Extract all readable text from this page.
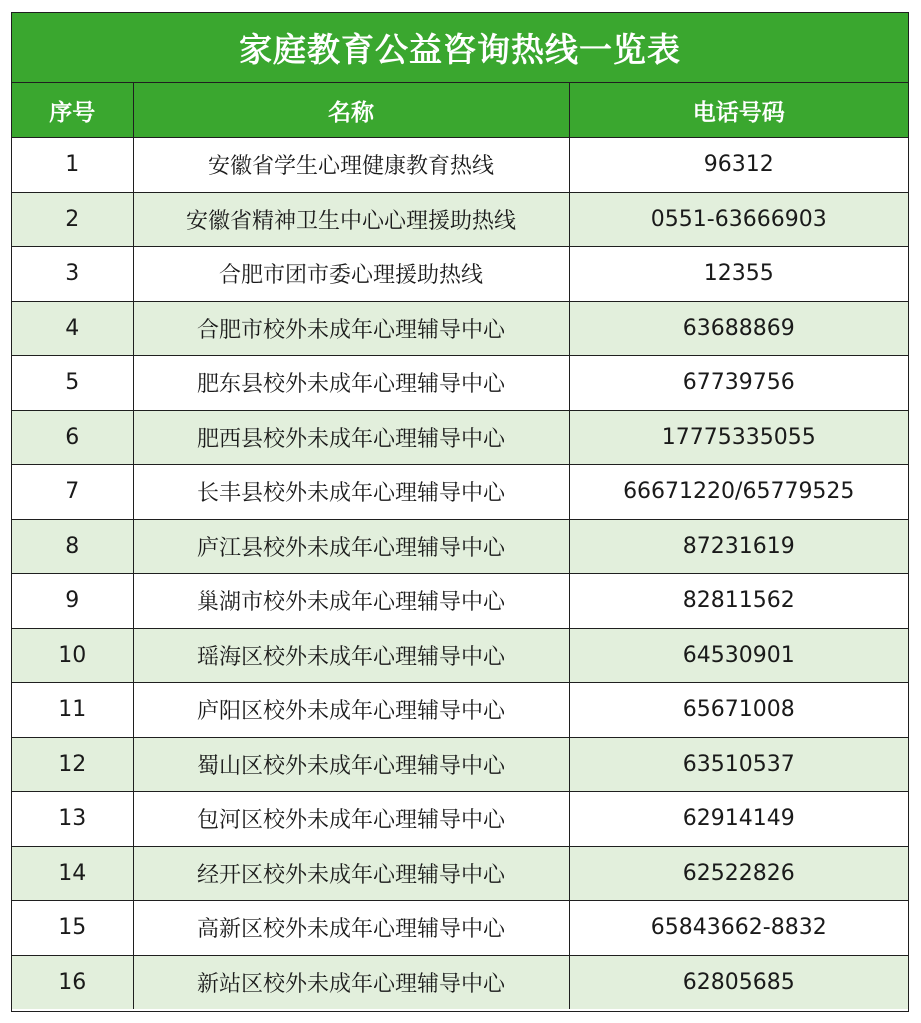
家庭教育公益咨询热线一览表
序号	名称	电话号码
1	安徽省学生心理健康教育热线	96312
2	安徽省精神卫生中心心理援助热线	0551-63666903
3	合肥市团市委心理援助热线	12355
4	合肥市校外未成年心理辅导中心	63688869
5	肥东县校外未成年心理辅导中心	67739756
6	肥西县校外未成年心理辅导中心	17775335055
7	长丰县校外未成年心理辅导中心	66671220/65779525
8	庐江县校外未成年心理辅导中心	87231619
9	巢湖市校外未成年心理辅导中心	82811562
10	瑶海区校外未成年心理辅导中心	64530901
11	庐阳区校外未成年心理辅导中心	65671008
12	蜀山区校外未成年心理辅导中心	63510537
13	包河区校外未成年心理辅导中心	62914149
14	经开区校外未成年心理辅导中心	62522826
15	高新区校外未成年心理辅导中心	65843662-8832
16	新站区校外未成年心理辅导中心	62805685
